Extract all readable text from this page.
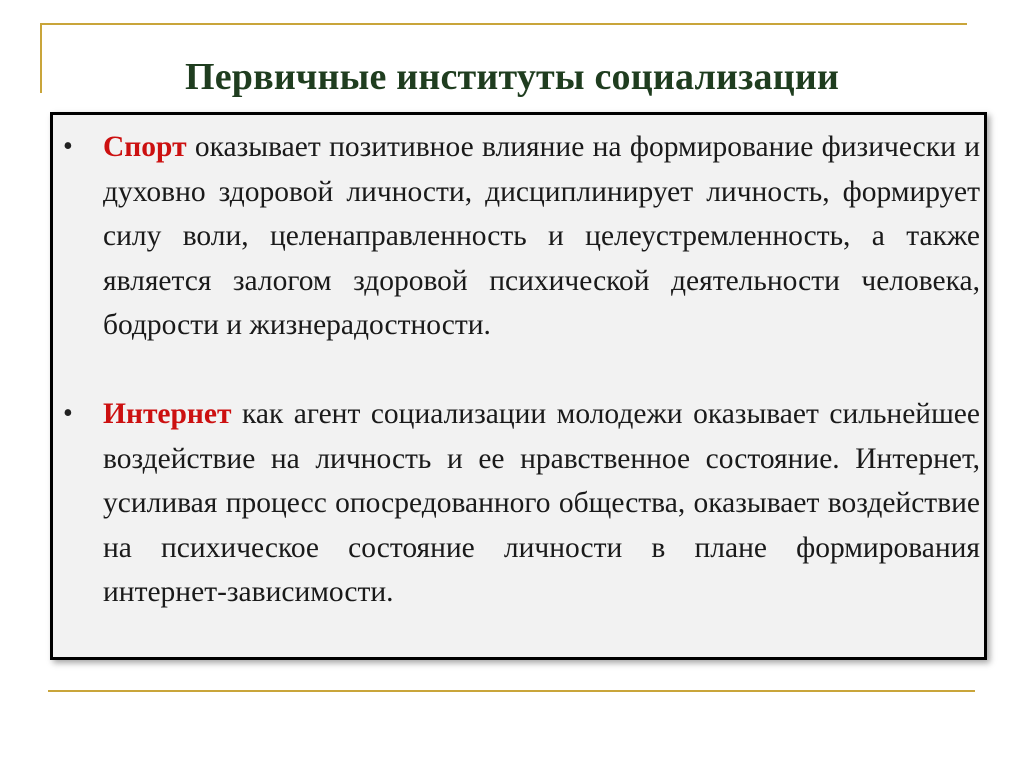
Первичные институты социализации
•	Спорт оказывает позитивное влияние на формирование физически и духовно здоровой личности, дисциплинирует личность, формирует силу воли, целенаправленность и целеустремленность, а также является залогом здоровой психической деятельности человека, бодрости и жизнерадостности.
•	Интернет как агент социализации молодежи оказывает сильнейшее воздействие на личность и ее нравственное состояние. Интернет, усиливая процесс опосредованного общества, оказывает воздействие на психическое состояние личности в плане формирования интернет-зависимости.
